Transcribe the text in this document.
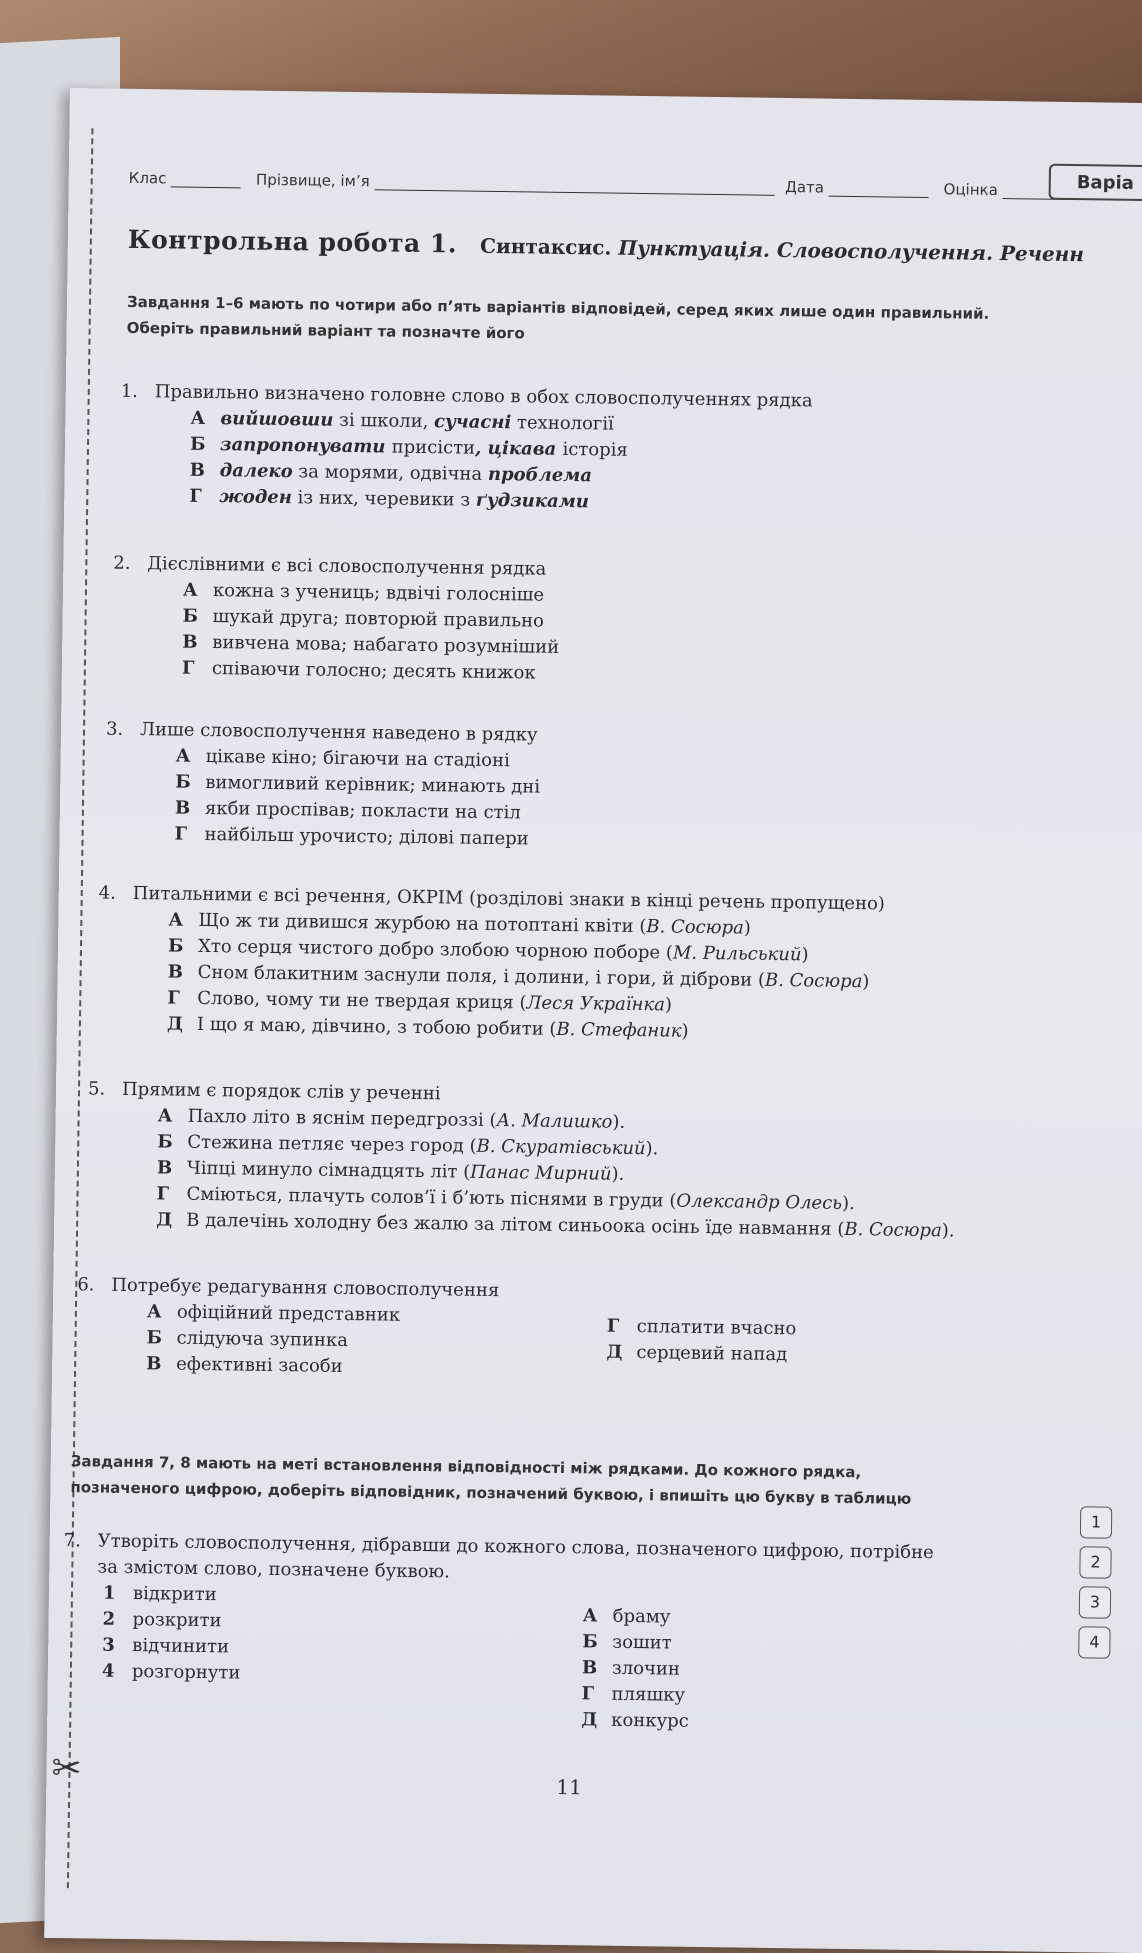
✂
Клас	Прізвище, ім’я	Дата	Оцінка	Варіа
Контрольна робота 1. Синтаксис. Пунктуація. Словосполучення. Реченн
Завдання 1–6 мають по чотири або п’ять варіантів відповідей, серед яких лише один правильний.
Оберіть правильний варіант та позначте його
1. Правильно визначено головне слово в обох словосполученнях рядка
А вийшовши зі школи, сучасні технології
Б запропонувати присісти, цікава історія
В далеко за морями, одвічна проблема
Г жоден із них, черевики з ґудзиками
2. Дієслівними є всі словосполучення рядка
А кожна з учениць; вдвічі голосніше
Б шукай друга; повторюй правильно
В вивчена мова; набагато розумніший
Г співаючи голосно; десять книжок
3. Лише словосполучення наведено в рядку
А цікаве кіно; бігаючи на стадіоні
Б вимогливий керівник; минають дні
В якби проспівав; покласти на стіл
Г найбільш урочисто; ділові папери
4. Питальними є всі речення, ОКРІМ (розділові знаки в кінці речень пропущено)
А Що ж ти дивишся журбою на потоптані квіти (В. Сосюра)
Б Хто серця чистого добро злобою чорною поборе (М. Рильський)
В Сном блакитним заснули поля, і долини, і гори, й діброви (В. Сосюра)
Г Слово, чому ти не твердая криця (Леся Українка)
Д І що я маю, дівчино, з тобою робити (В. Стефаник)
5. Прямим є порядок слів у реченні
А Пахло літо в яснім передгроззі (А. Малишко).
Б Стежина петляє через город (В. Скуратівський).
В Чіпці минуло сімнадцять літ (Панас Мирний).
Г Сміються, плачуть солов’ї і б’ють піснями в груди (Олександр Олесь).
Д В далечінь холодну без жалю за літом синьоока осінь їде навмання (В. Сосюра).
6. Потребує редагування словосполучення
А офіційний представник
Б слідуюча зупинка
В ефективні засоби
Г сплатити вчасно
Д серцевий напад
Завдання 7, 8 мають на меті встановлення відповідності між рядками. До кожного рядка,
позначеного цифрою, доберіть відповідник, позначений буквою, і впишіть цю букву в таблицю
7. Утворіть словосполучення, дібравши до кожного слова, позначеного цифрою, потрібне
за змістом слово, позначене буквою.
1 відкрити
2 розкрити
3 відчинити
4 розгорнути
А браму
Б зошит
В злочин
Г пляшку
Д конкурс
1
2
3
4
11
